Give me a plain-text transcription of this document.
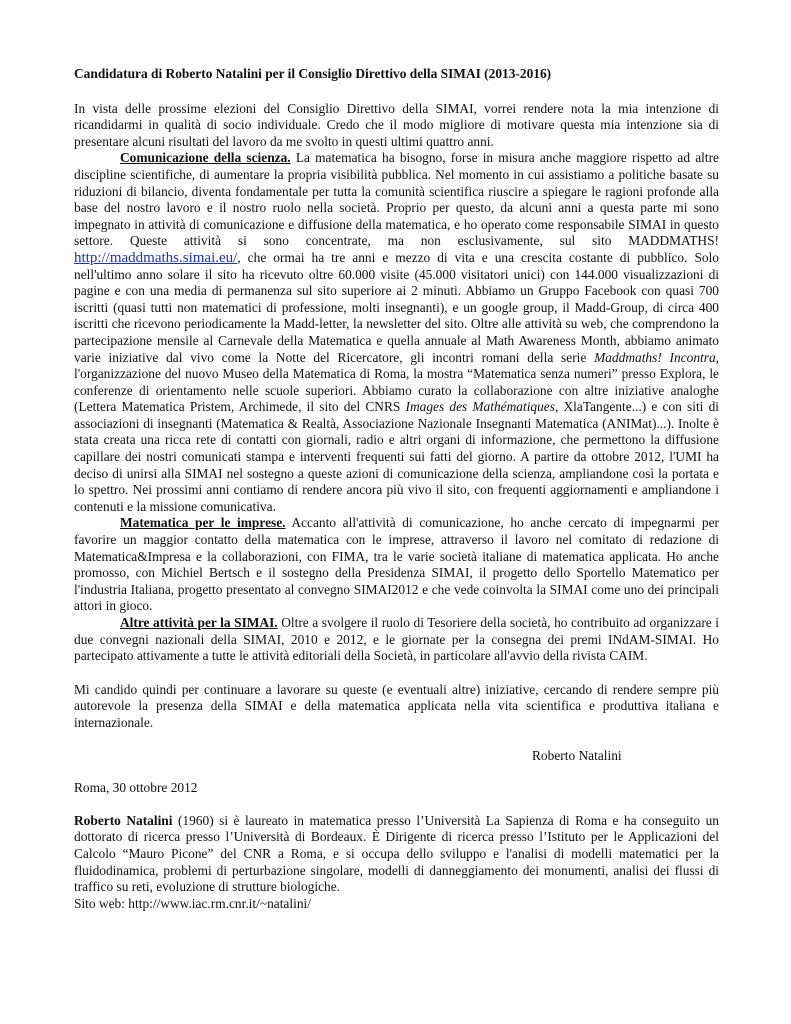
Candidatura di Roberto Natalini per il Consiglio Direttivo della SIMAI (2013-2016)

In vista delle prossime elezioni del Consiglio Direttivo della SIMAI, vorrei rendere nota la mia intenzione di ricandidarmi in qualità di socio individuale. Credo che il modo migliore di motivare questa mia intenzione sia di presentare alcuni risultati del lavoro da me svolto in questi ultimi quattro anni.

Comunicazione della scienza. La matematica ha bisogno, forse in misura anche maggiore rispetto ad altre discipline scientifiche, di aumentare la propria visibilità pubblica. Nel momento in cui assistiamo a politiche basate su riduzioni di bilancio, diventa fondamentale per tutta la comunità scientifica riuscire a spiegare le ragioni profonde alla base del nostro lavoro e il nostro ruolo nella società. Proprio per questo, da alcuni anni a questa parte mi sono impegnato in attività di comunicazione e diffusione della matematica, e ho operato come responsabile SIMAI in questo settore. Queste attività si sono concentrate, ma non esclusivamente, sul sito MADDMATHS! http://maddmaths.simai.eu/, che ormai ha tre anni e mezzo di vita e una crescita costante di pubblico. Solo nell'ultimo anno solare il sito ha ricevuto oltre 60.000 visite (45.000 visitatori unici) con 144.000 visualizzazioni di pagine e con una media di permanenza sul sito superiore ai 2 minuti. Abbiamo un Gruppo Facebook con quasi 700 iscritti (quasi tutti non matematici di professione, molti insegnanti), e un google group, il Madd-Group, di circa 400 iscritti che ricevono periodicamente la Madd-letter, la newsletter del sito. Oltre alle attività su web, che comprendono la partecipazione mensile al Carnevale della Matematica e quella annuale al Math Awareness Month, abbiamo animato varie iniziative dal vivo come la Notte del Ricercatore, gli incontri romani della serie Maddmaths! Incontra, l'organizzazione del nuovo Museo della Matematica di Roma, la mostra “Matematica senza numeri” presso Explora, le conferenze di orientamento nelle scuole superiori. Abbiamo curato la collaborazione con altre iniziative analoghe (Lettera Matematica Pristem, Archimede, il sito del CNRS Images des Mathématiques, XlaTangente...) e con siti di associazioni di insegnanti (Matematica & Realtà, Associazione Nazionale Insegnanti Matematica (ANIMat)...). Inolte è stata creata una ricca rete di contatti con giornali, radio e altri organi di informazione, che permettono la diffusione capillare dei nostri comunicati stampa e interventi frequenti sui fatti del giorno. A partire da ottobre 2012, l'UMI ha deciso di unirsi alla SIMAI nel sostegno a queste azioni di comunicazione della scienza, ampliandone così la portata e lo spettro. Nei prossimi anni contiamo di rendere ancora più vivo il sito, con frequenti aggiornamenti e ampliandone i contenuti e la missione comunicativa.

Matematica per le imprese. Accanto all'attività di comunicazione, ho anche cercato di impegnarmi per favorire un maggior contatto della matematica con le imprese, attraverso il lavoro nel comitato di redazione di Matematica&Impresa e la collaborazioni, con FIMA, tra le varie società italiane di matematica applicata. Ho anche promosso, con Michiel Bertsch e il sostegno della Presidenza SIMAI, il progetto dello Sportello Matematico per l'industria Italiana, progetto presentato al convegno SIMAI2012 e che vede coinvolta la SIMAI come uno dei principali attori in gioco.

Altre attività per la SIMAI. Oltre a svolgere il ruolo di Tesoriere della società, ho contribuito ad organizzare i due convegni nazionali della SIMAI, 2010 e 2012, e le giornate per la consegna dei premi INdAM-SIMAI. Ho partecipato attivamente a tutte le attività editoriali della Società, in particolare all'avvio della rivista CAIM.

Mi candido quindi per continuare a lavorare su queste (e eventuali altre) iniziative, cercando di rendere sempre più autorevole la presenza della SIMAI e della matematica applicata nella vita scientifica e produttiva italiana e internazionale.

Roberto Natalini

Roma, 30 ottobre 2012

Roberto Natalini (1960) si è laureato in matematica presso l’Università La Sapienza di Roma e ha conseguito un dottorato di ricerca presso l’Università di Bordeaux. È Dirigente di ricerca presso l’Istituto per le Applicazioni del Calcolo “Mauro Picone” del CNR a Roma, e si occupa dello sviluppo e l'analisi di modelli matematici per la fluidodinamica, problemi di perturbazione singolare, modelli di danneggiamento dei monumenti, analisi dei flussi di traffico su reti, evoluzione di strutture biologiche.

Sito web: http://www.iac.rm.cnr.it/~natalini/
